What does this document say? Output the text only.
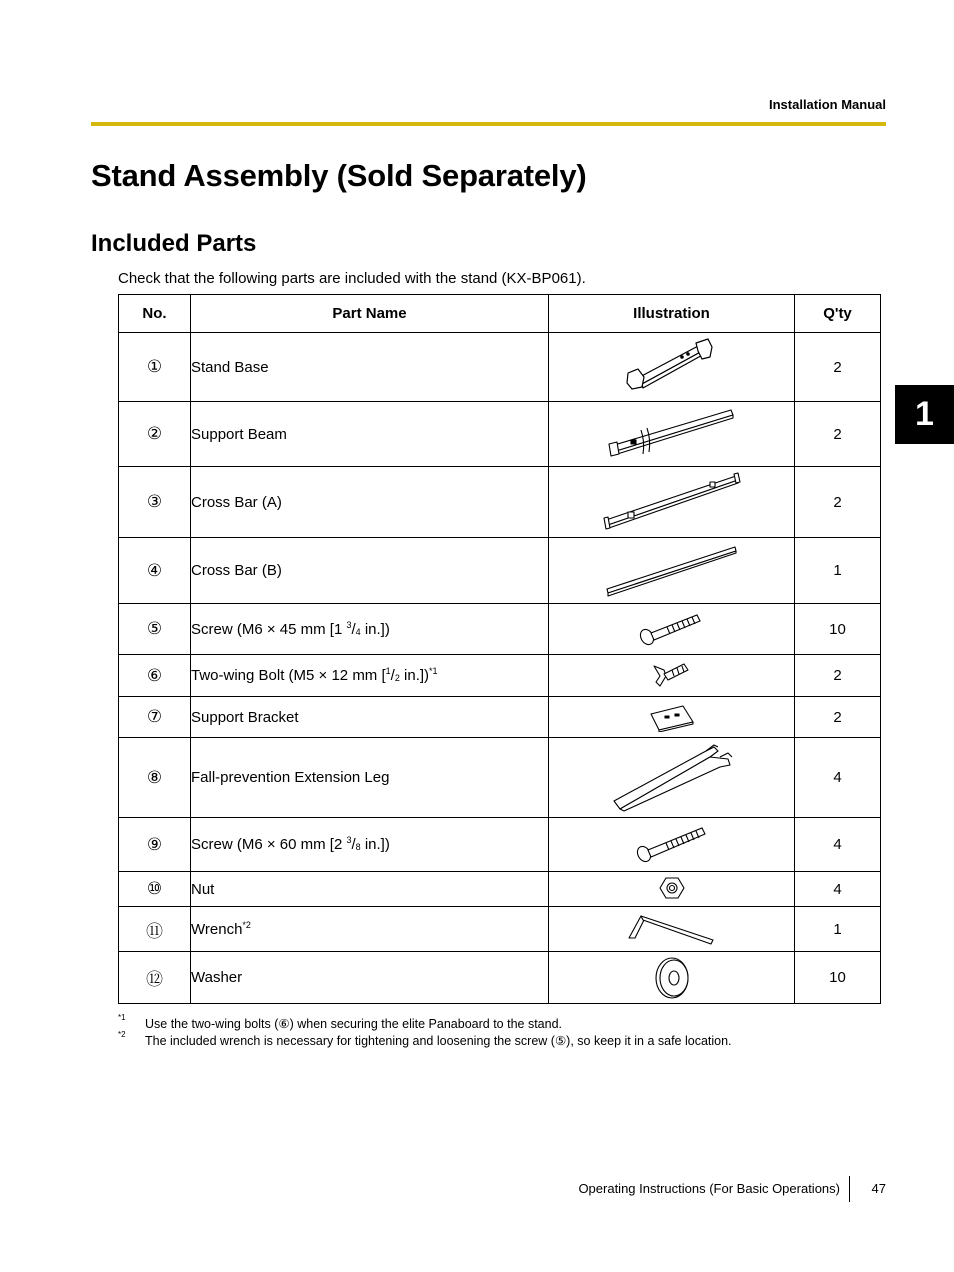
Installation Manual
Stand Assembly (Sold Separately)
Included Parts

Check that the following parts are included with the stand (KX-BP061).

1
No.	Part Name	Illustration	Q'ty
①	Stand Base		2
②	Support Beam		2
③	Cross Bar (A)		2
④	Cross Bar (B)		1
⑤	Screw (M6 × 45 mm [1 $^3$/4 in.])		10
⑥	Two-wing Bolt (M5 × 12 mm [$^1$/2 in.])$^{*1}$		2
⑦	Support Bracket		2
⑧	Fall-prevention Extension Leg		4
⑨	Screw (M6 × 60 mm [2 $^3$/8 in.])		4
⑩	Nut		4
⑪	Wrench$^{*2}$		1
⑫	Washer		10
*1 Use the two-wing bolts (⑥) when securing the elite Panaboard to the stand.
*2 The included wrench is necessary for tightening and loosening the screw (⑤), so keep it in a safe location.
Operating Instructions (For Basic Operations) 47
